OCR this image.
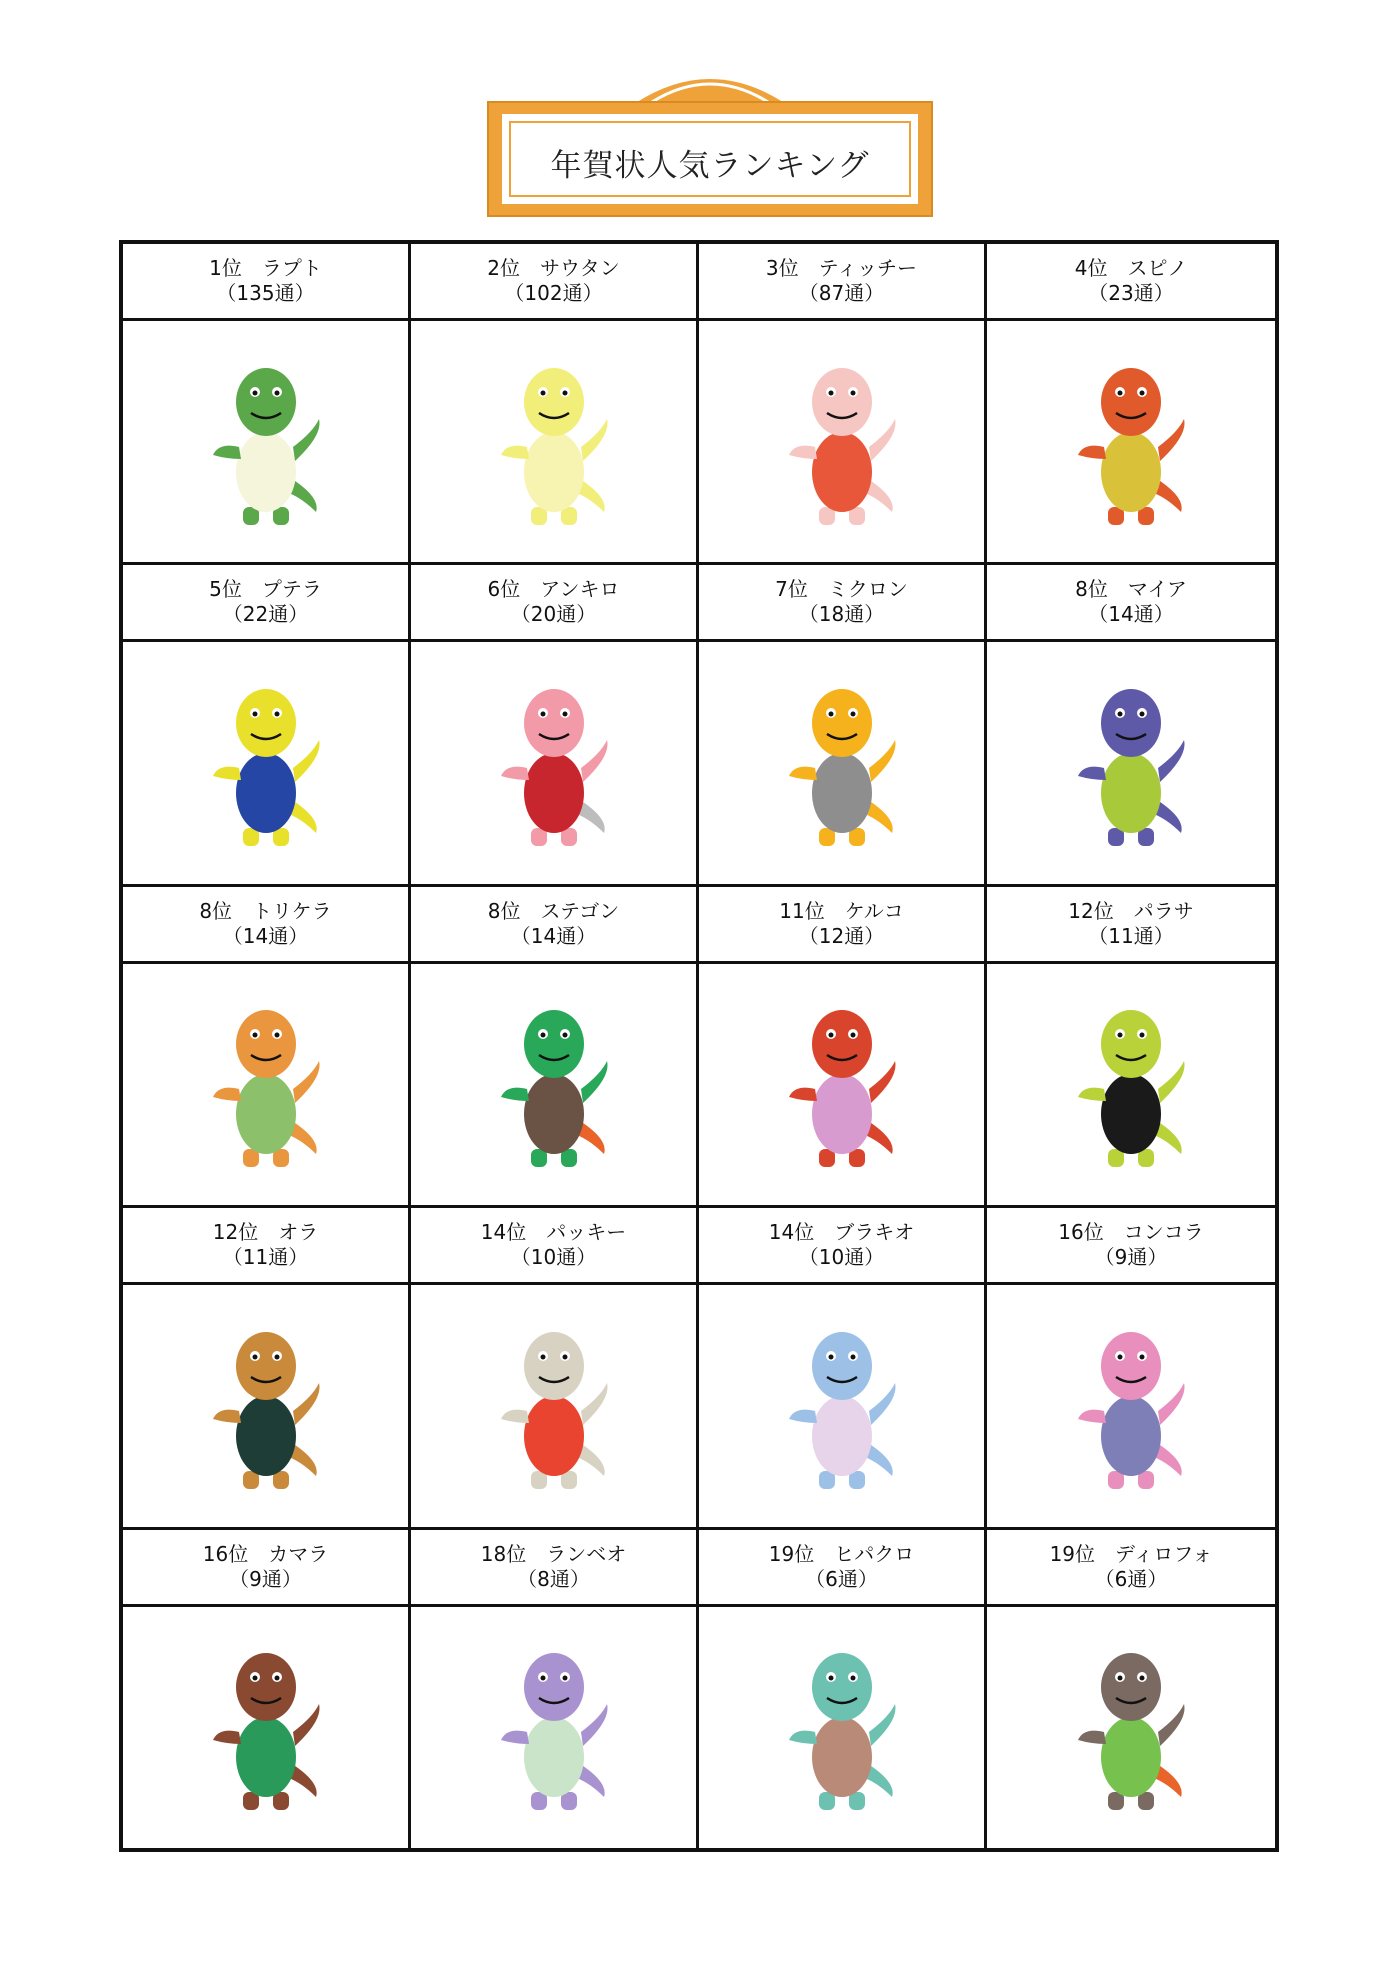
年賀状人気ランキング
1位　 ラプト
（135通）
2位　 サウタン
（102通）
3位　 ティッチー
（87通）
4位　 スピノ
（23通）
5位　 プテラ
（22通）
6位　 アンキロ
（20通）
7位　 ミクロン
（18通）
8位　 マイア
（14通）
8位　 トリケラ
（14通）
8位　 ステゴン
（14通）
11位　 ケルコ
（12通）
12位　 パラサ
（11通）
12位　 オラ
（11通）
14位　 パッキー
（10通）
14位　 ブラキオ
（10通）
16位　 コンコラ
（9通）
16位　 カマラ
（9通）
18位　 ランベオ
（8通）
19位　 ヒパクロ
（6通）
19位　 ディロフォ
（6通）
